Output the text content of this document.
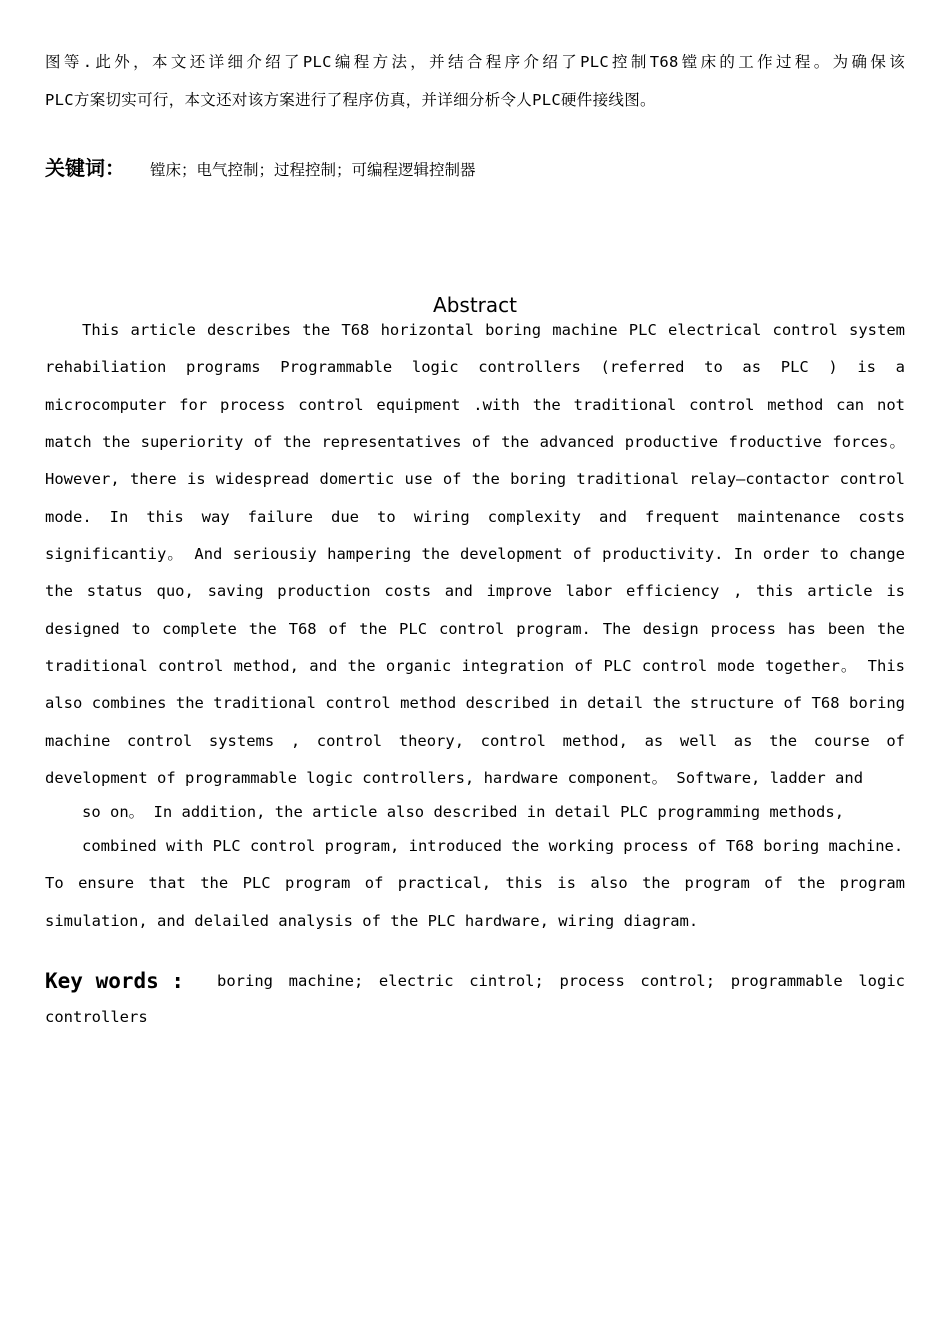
图等.此外，本文还详细介绍了PLC编程方法，并结合程序介绍了PLC控制T68镗床的工作过程。为确保该
PLC方案切实可行，本文还对该方案进行了程序仿真，并详细分析令人PLC硬件接线图。
关键词： 镗床；电气控制；过程控制；可编程逻辑控制器
Abstract
This article describes the T68 horizontal boring machine PLC electrical control system
rehabiliation programs Programmable logic controllers (referred to as PLC ) is a
microcomputer for process control equipment .with the traditional control method can not
match the superiority of the representatives of the advanced productive froductive forces。
However, there is widespread domertic use of the boring traditional relay—contactor control
mode. In this way failure due to wiring complexity and frequent maintenance costs
significantiy。 And seriousiy hampering the development of productivity. In order to change
the status quo, saving production costs and improve labor efficiency , this article is
designed to complete the T68 of the PLC control program. The design process has been the
traditional control method, and the organic integration of PLC control mode together。 This
also combines the traditional control method described in detail the structure of T68 boring
machine control systems , control theory, control method, as well as the course of
development of programmable logic controllers, hardware component。 Software, ladder and
so on。 In addition, the article also described in detail PLC programming methods,
combined with PLC control program, introduced the working process of T68 boring machine.
To ensure that the PLC program of practical, this is also the program of the program
simulation, and delailed analysis of the PLC hardware, wiring diagram.
Key words : boring machine; electric cintrol; process control; programmable logic
controllers
